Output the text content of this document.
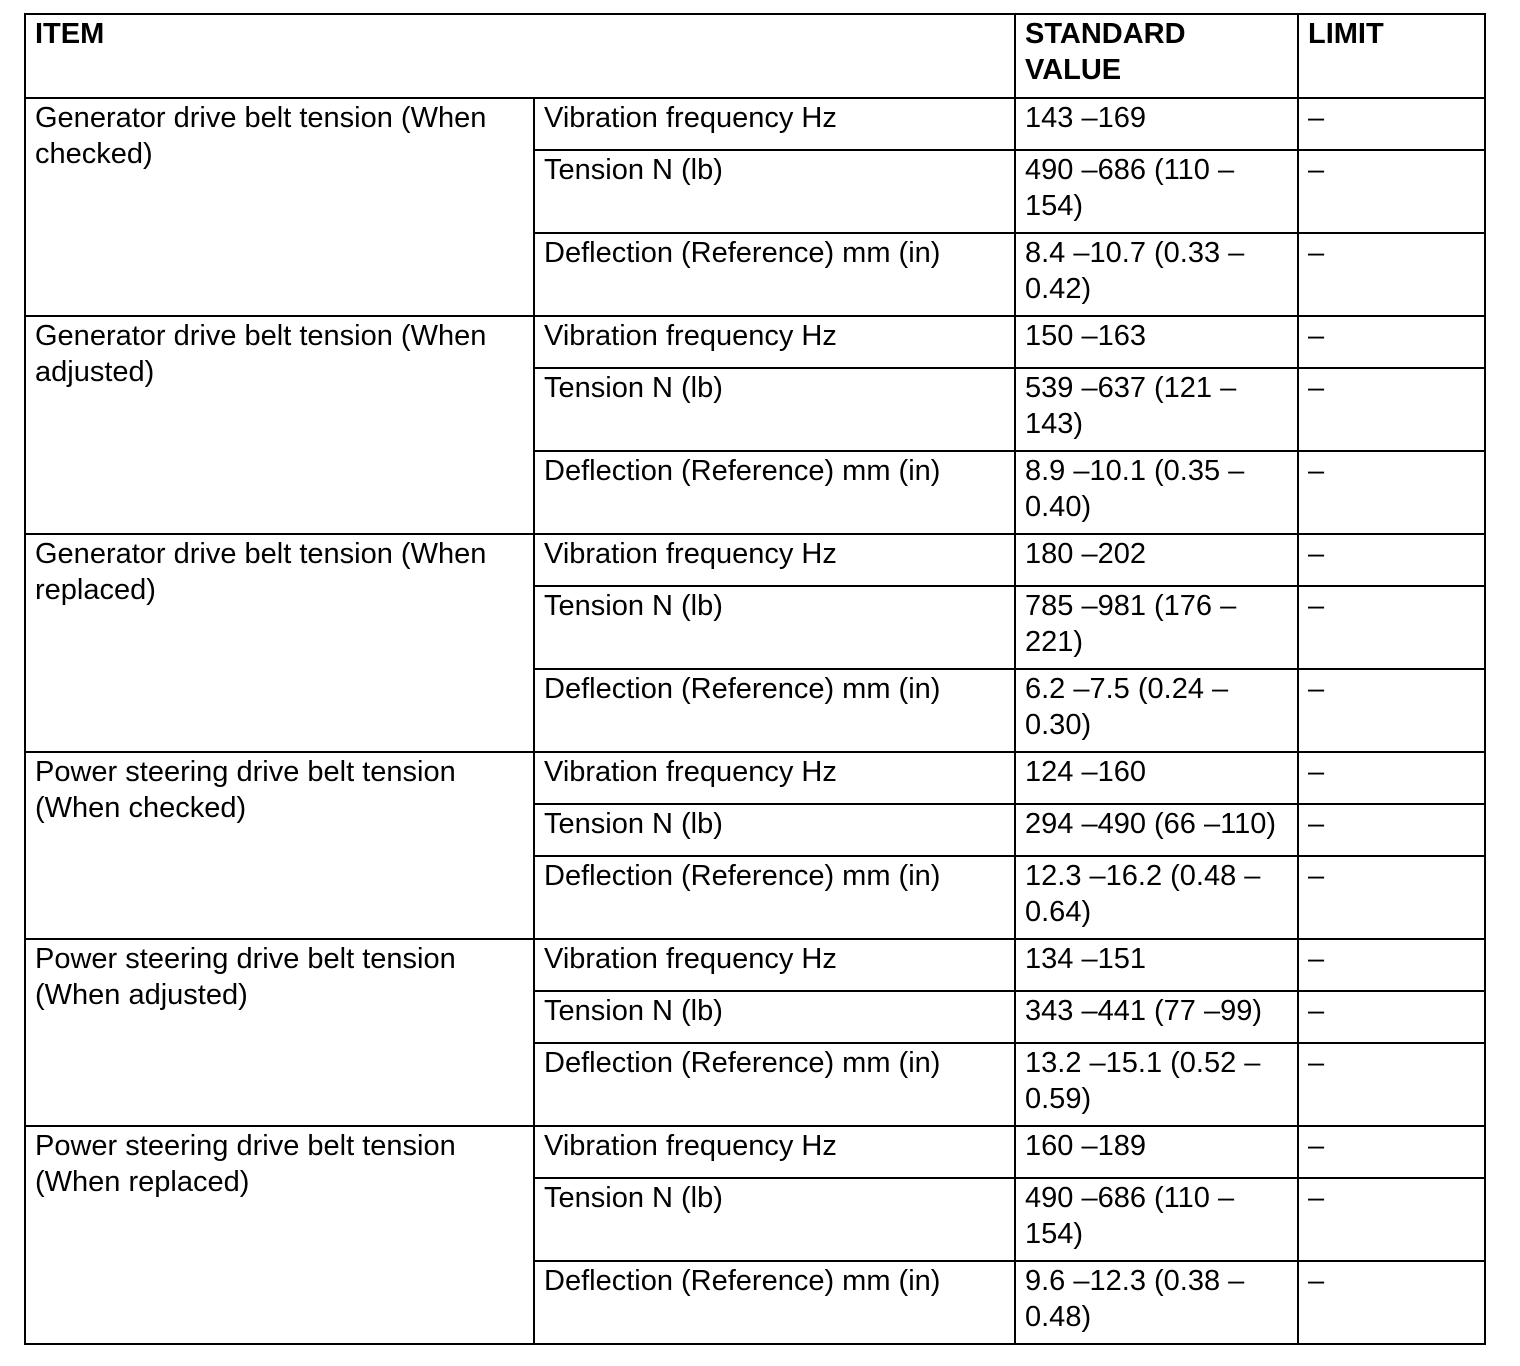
ITEM		STANDARD VALUE	LIMIT
Generator drive belt tension (When checked)	Vibration frequency Hz	143 –169	–
	Tension N (lb)	490 –686 (110 – 154)	–
	Deflection (Reference) mm (in)	8.4 –10.7 (0.33 – 0.42)	–
Generator drive belt tension (When adjusted)	Vibration frequency Hz	150 –163	–
	Tension N (lb)	539 –637 (121 – 143)	–
	Deflection (Reference) mm (in)	8.9 –10.1 (0.35 – 0.40)	–
Generator drive belt tension (When replaced)	Vibration frequency Hz	180 –202	–
	Tension N (lb)	785 –981 (176 – 221)	–
	Deflection (Reference) mm (in)	6.2 –7.5 (0.24 – 0.30)	–
Power steering drive belt tension (When checked)	Vibration frequency Hz	124 –160	–
	Tension N (lb)	294 –490 (66 –110)	–
	Deflection (Reference) mm (in)	12.3 –16.2 (0.48 – 0.64)	–
Power steering drive belt tension (When adjusted)	Vibration frequency Hz	134 –151	–
	Tension N (lb)	343 –441 (77 –99)	–
	Deflection (Reference) mm (in)	13.2 –15.1 (0.52 – 0.59)	–
Power steering drive belt tension (When replaced)	Vibration frequency Hz	160 –189	–
	Tension N (lb)	490 –686 (110 – 154)	–
	Deflection (Reference) mm (in)	9.6 –12.3 (0.38 – 0.48)	–
